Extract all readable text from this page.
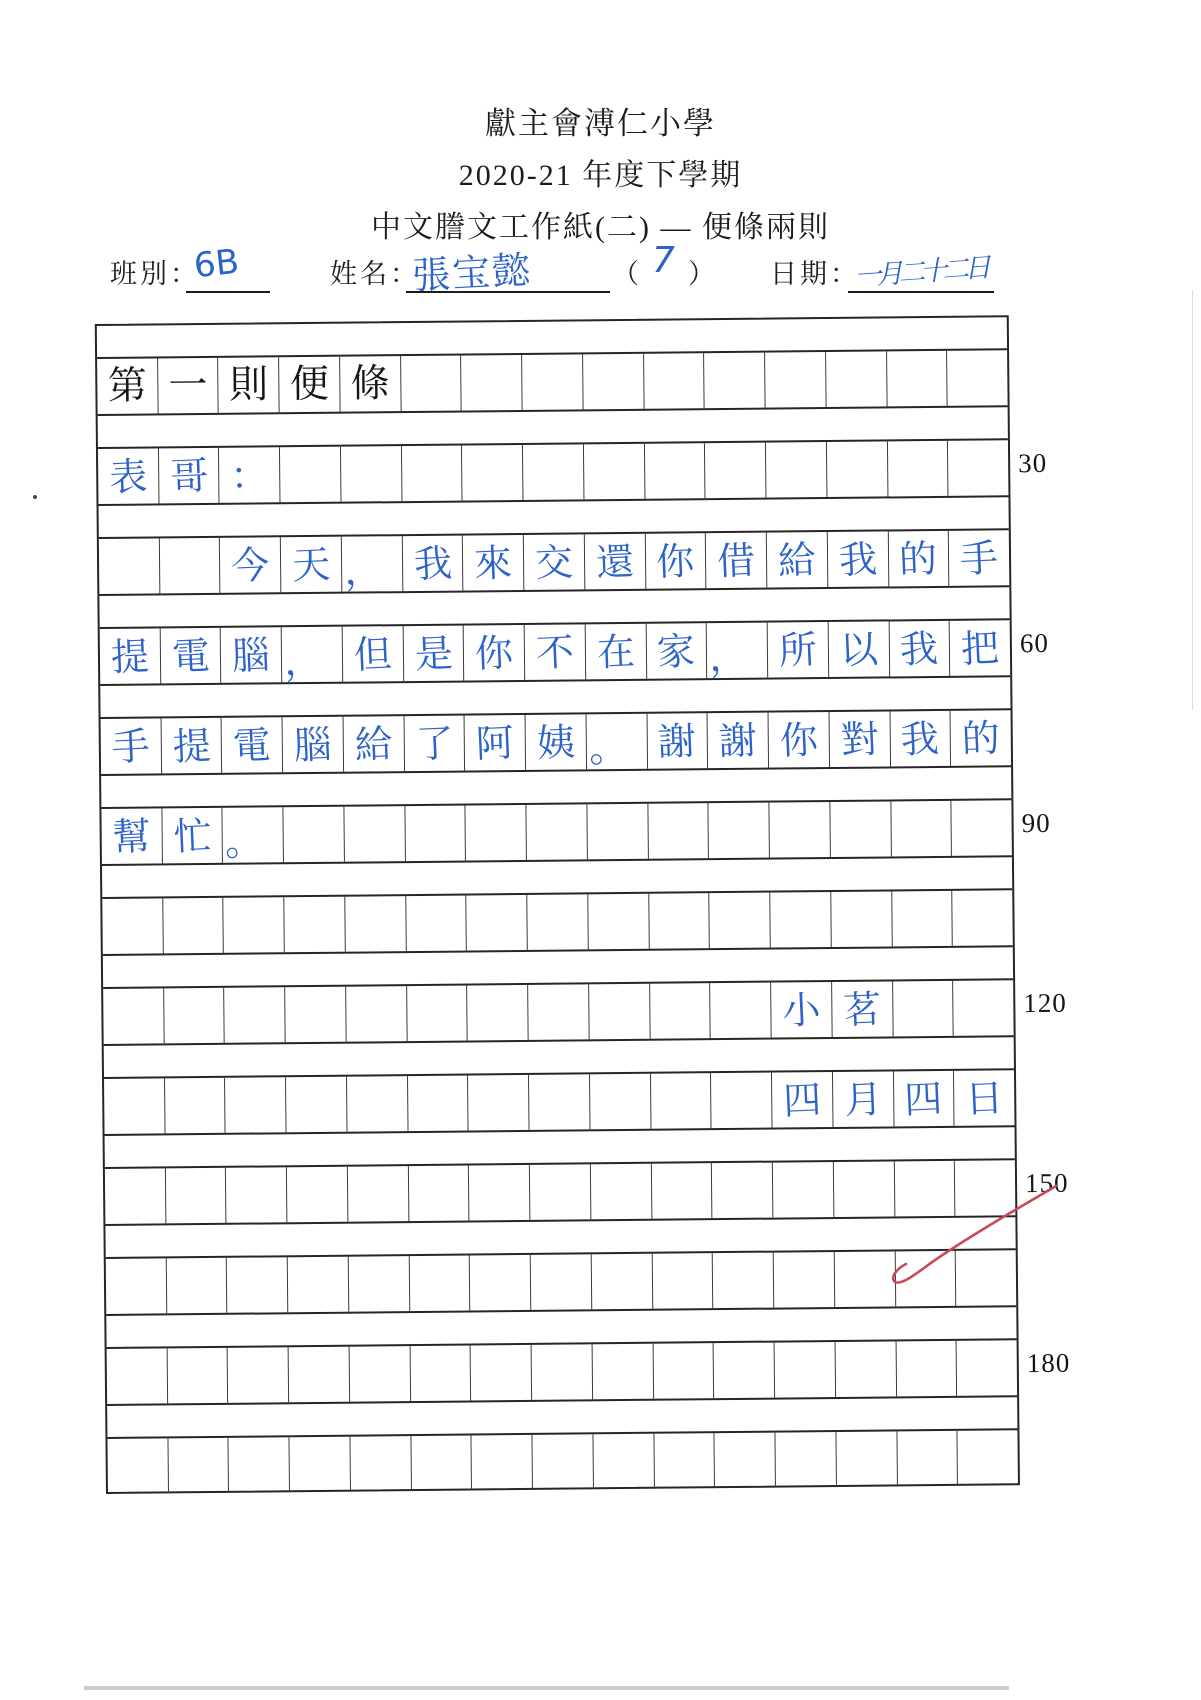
獻主會溥仁小學
2020-21 年度下學期
中文謄文工作紙(二) — 便條兩則
班別：
6B	姓名：
張宝懿	（ 7 ） 日期：
一月二十二日
第 一 則 便 條
表 哥 ：	30
今 天 ， 我 來 交 還 你 借 給 我 的 手
提 電 腦 ， 但 是 你 不 在 家 ， 所 以 我 把 60
手 提 電 腦 給 了 阿 姨 。 謝 謝 你 對 我 的
幫 忙 。	90
小 茗	120
四 月 四 日
150
180
